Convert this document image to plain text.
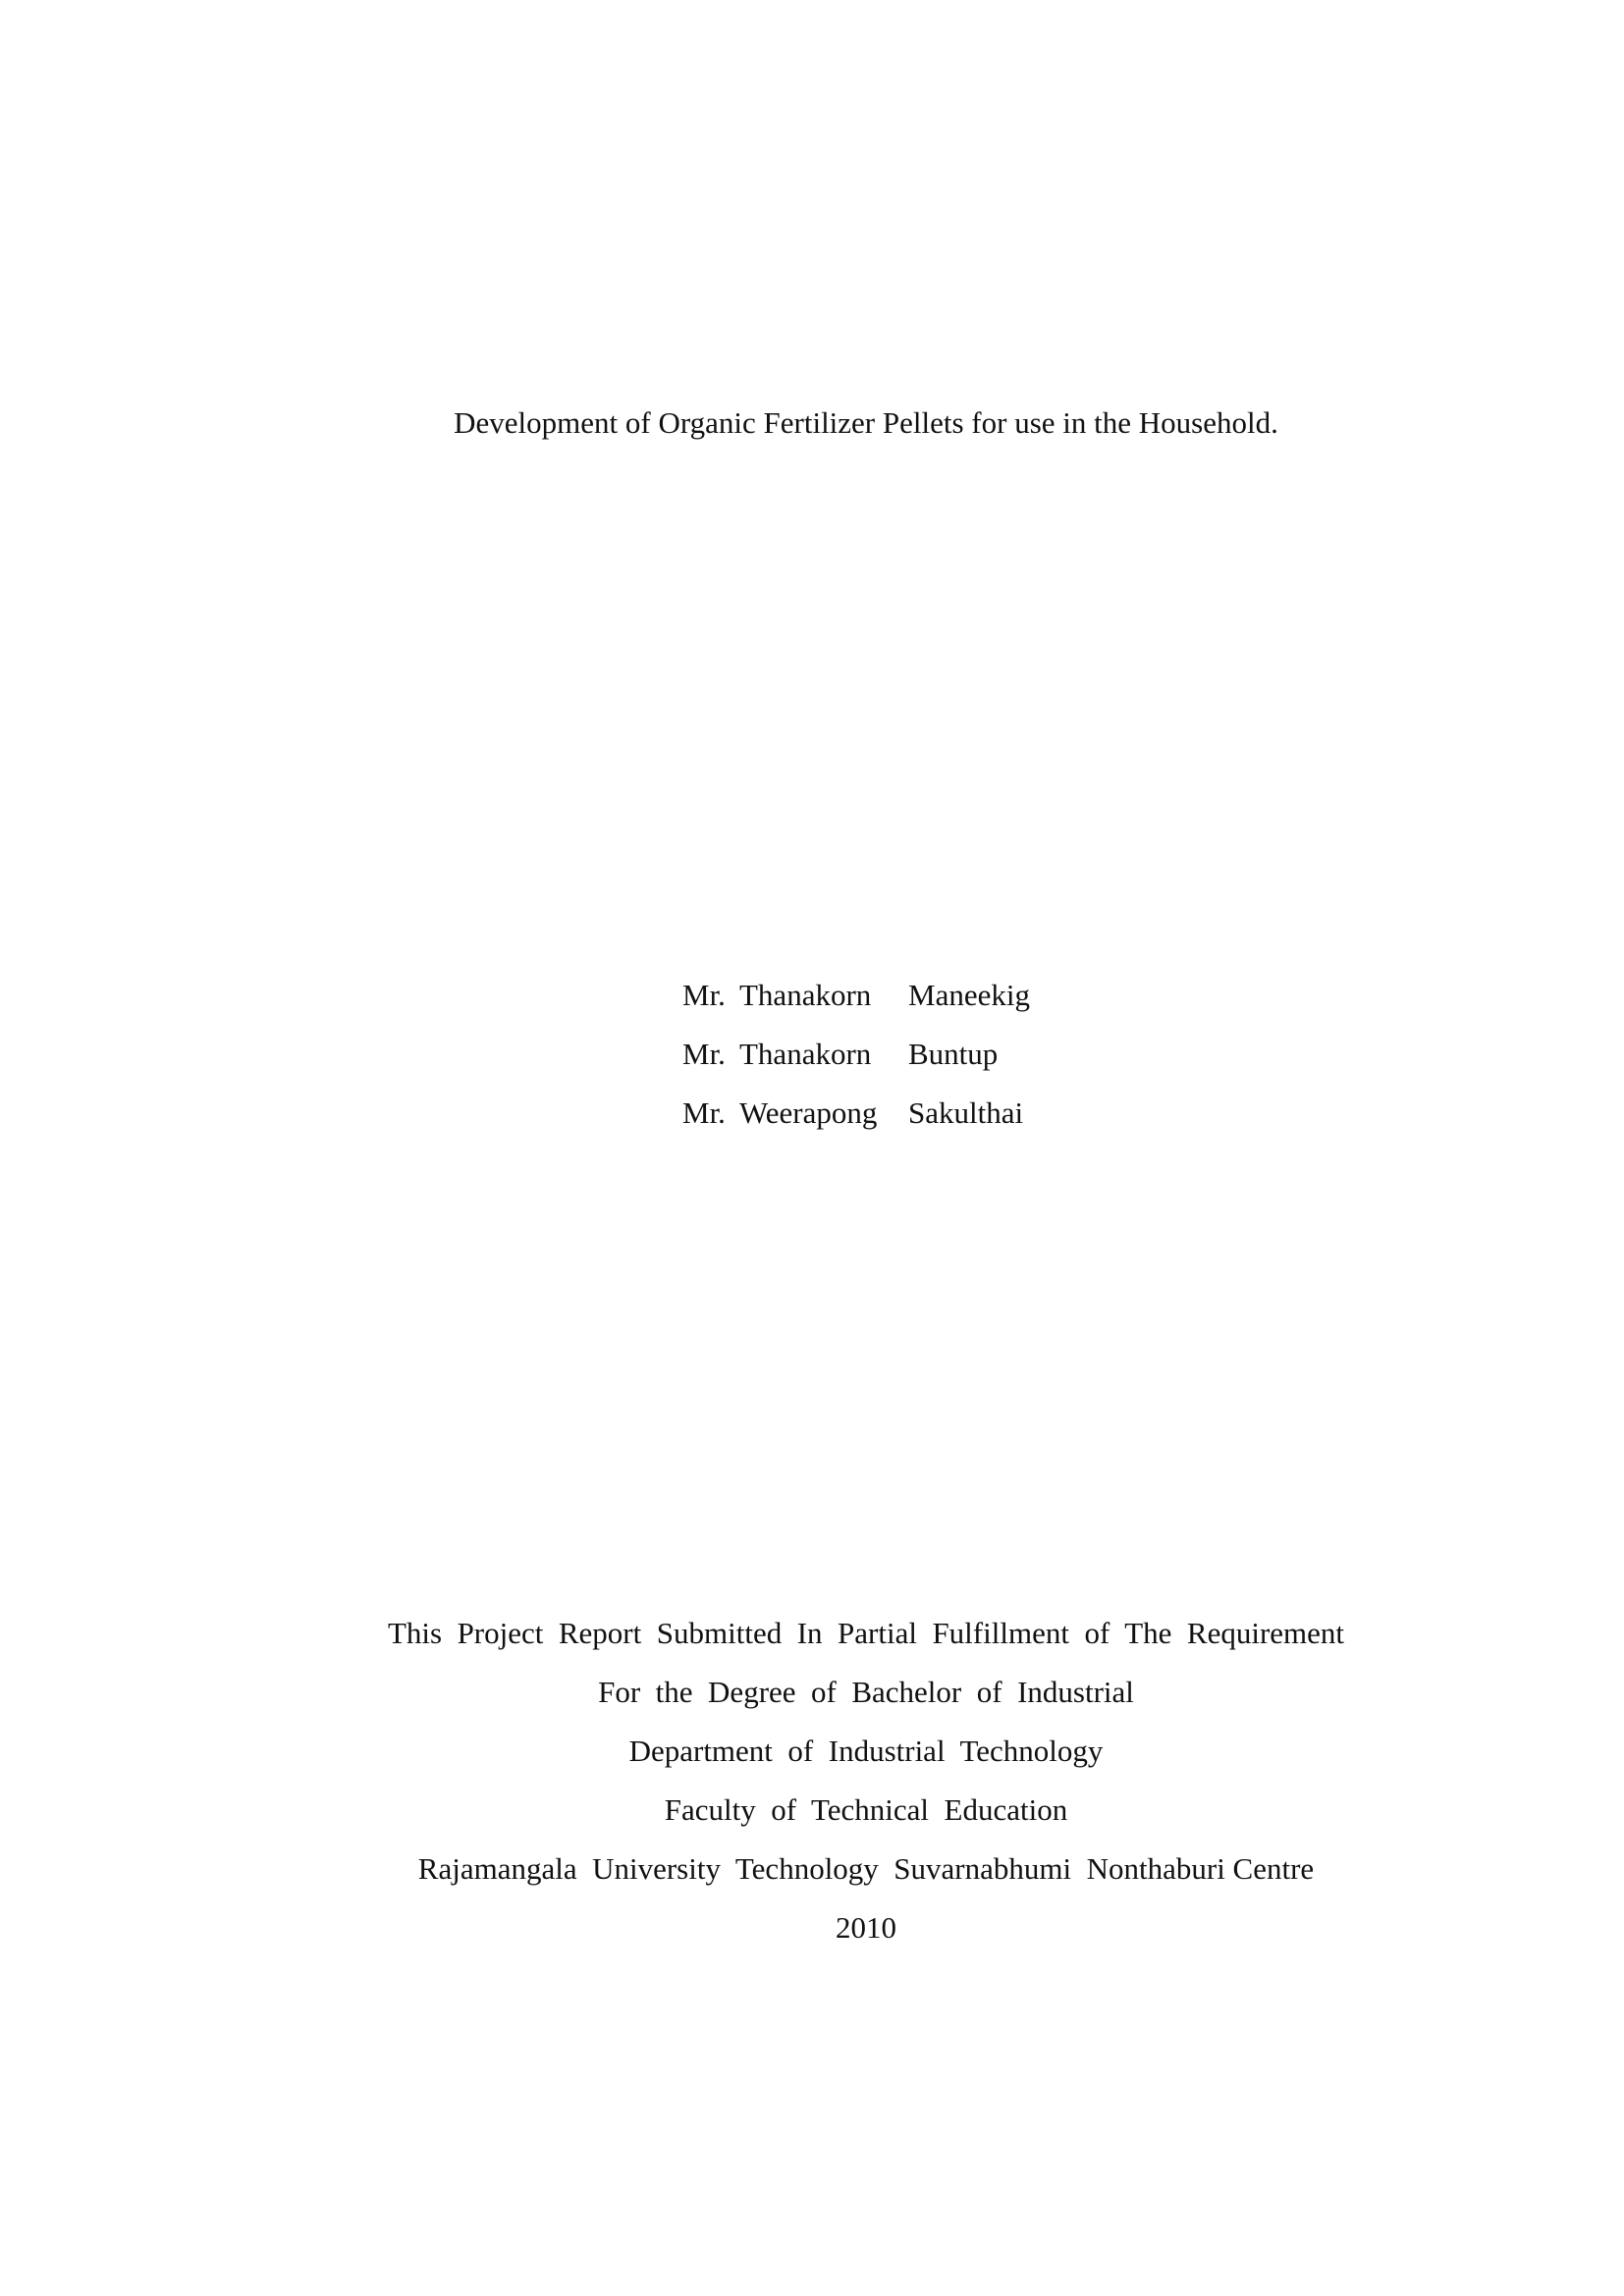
Development of Organic Fertilizer Pellets for use in the Household.
Mr. Thanakorn	Maneekig
Mr. Thanakorn	Buntup
Mr. Weerapong	Sakulthai
This  Project  Report  Submitted  In  Partial  Fulfillment  of  The  Requirement
For  the  Degree  of  Bachelor  of  Industrial
Department  of  Industrial  Technology
Faculty  of  Technical  Education
Rajamangala  University  Technology  Suvarnabhumi  Nonthaburi Centre
2010
